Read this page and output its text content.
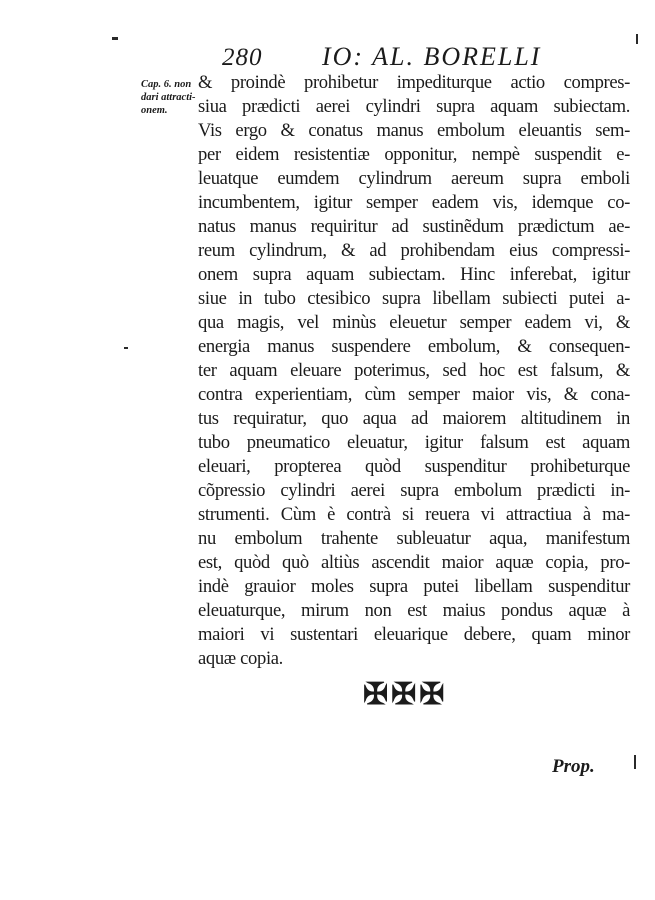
280 IO: AL. BORELLI
Cap. 6. non
dari attracti-
onem.
& proindè prohibetur impediturque actio compres-
siua prædicti aerei cylindri supra aquam subiectam.
Vis ergo & conatus manus embolum eleuantis sem-
per eidem resistentiæ opponitur, nempè suspendit e-
leuatque eumdem cylindrum aereum supra emboli
incumbentem, igitur semper eadem vis, idemque co-
natus manus requiritur ad sustinẽdum prædictum ae-
reum cylindrum, & ad prohibendam eius compressi-
onem supra aquam subiectam. Hinc inferebat, igitur
siue in tubo ctesibico supra libellam subiecti putei a-
qua magis, vel minùs eleuetur semper eadem vi, &
energia manus suspendere embolum, & consequen-
ter aquam eleuare poterimus, sed hoc est falsum, &
contra experientiam, cùm semper maior vis, & cona-
tus requiratur, quo aqua ad maiorem altitudinem in
tubo pneumatico eleuatur, igitur falsum est aquam
eleuari, propterea quòd suspenditur prohibeturque
cõpressio cylindri aerei supra embolum prædicti in-
strumenti. Cùm è contrà si reuera vi attractiua à ma-
nu embolum trahente subleuatur aqua, manifestum
est, quòd quò altiùs ascendit maior aquæ copia, pro-
indè grauior moles supra putei libellam suspenditur
eleuaturque, mirum non est maius pondus aquæ à
maiori vi sustentari eleuarique debere, quam minor
aquæ copia.
✠✠✠
Prop.
